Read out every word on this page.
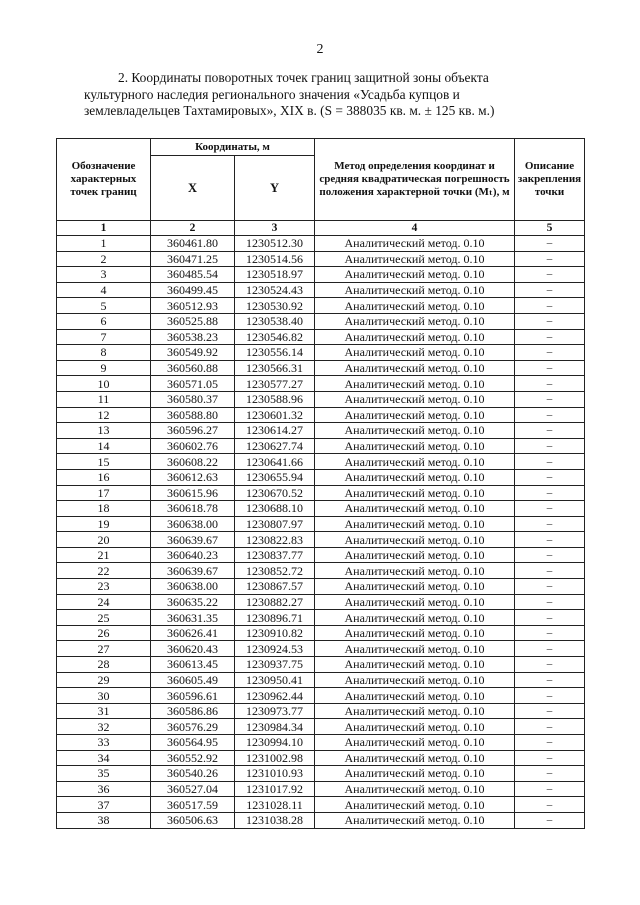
2
2. Координаты поворотных точек границ защитной зоны объекта
культурного наследия регионального значения «Усадьба купцов и
землевладельцев Тахтамировых», XIX в. (S = 388035 кв. м. ± 125 кв. м.)
Обозначение характерных точек границ	Координаты, м		Метод определения координат и средняя квадратическая погрешность положения характерной точки (Mₜ), м	Описание закрепления точки
	X	Y		
1	2	3	4	5
1	360461.80	1230512.30	Аналитический метод. 0.10	–
2	360471.25	1230514.56	Аналитический метод. 0.10	–
3	360485.54	1230518.97	Аналитический метод. 0.10	–
4	360499.45	1230524.43	Аналитический метод. 0.10	–
5	360512.93	1230530.92	Аналитический метод. 0.10	–
6	360525.88	1230538.40	Аналитический метод. 0.10	–
7	360538.23	1230546.82	Аналитический метод. 0.10	–
8	360549.92	1230556.14	Аналитический метод. 0.10	–
9	360560.88	1230566.31	Аналитический метод. 0.10	–
10	360571.05	1230577.27	Аналитический метод. 0.10	–
11	360580.37	1230588.96	Аналитический метод. 0.10	–
12	360588.80	1230601.32	Аналитический метод. 0.10	–
13	360596.27	1230614.27	Аналитический метод. 0.10	–
14	360602.76	1230627.74	Аналитический метод. 0.10	–
15	360608.22	1230641.66	Аналитический метод. 0.10	–
16	360612.63	1230655.94	Аналитический метод. 0.10	–
17	360615.96	1230670.52	Аналитический метод. 0.10	–
18	360618.78	1230688.10	Аналитический метод. 0.10	–
19	360638.00	1230807.97	Аналитический метод. 0.10	–
20	360639.67	1230822.83	Аналитический метод. 0.10	–
21	360640.23	1230837.77	Аналитический метод. 0.10	–
22	360639.67	1230852.72	Аналитический метод. 0.10	–
23	360638.00	1230867.57	Аналитический метод. 0.10	–
24	360635.22	1230882.27	Аналитический метод. 0.10	–
25	360631.35	1230896.71	Аналитический метод. 0.10	–
26	360626.41	1230910.82	Аналитический метод. 0.10	–
27	360620.43	1230924.53	Аналитический метод. 0.10	–
28	360613.45	1230937.75	Аналитический метод. 0.10	–
29	360605.49	1230950.41	Аналитический метод. 0.10	–
30	360596.61	1230962.44	Аналитический метод. 0.10	–
31	360586.86	1230973.77	Аналитический метод. 0.10	–
32	360576.29	1230984.34	Аналитический метод. 0.10	–
33	360564.95	1230994.10	Аналитический метод. 0.10	–
34	360552.92	1231002.98	Аналитический метод. 0.10	–
35	360540.26	1231010.93	Аналитический метод. 0.10	–
36	360527.04	1231017.92	Аналитический метод. 0.10	–
37	360517.59	1231028.11	Аналитический метод. 0.10	–
38	360506.63	1231038.28	Аналитический метод. 0.10	–
